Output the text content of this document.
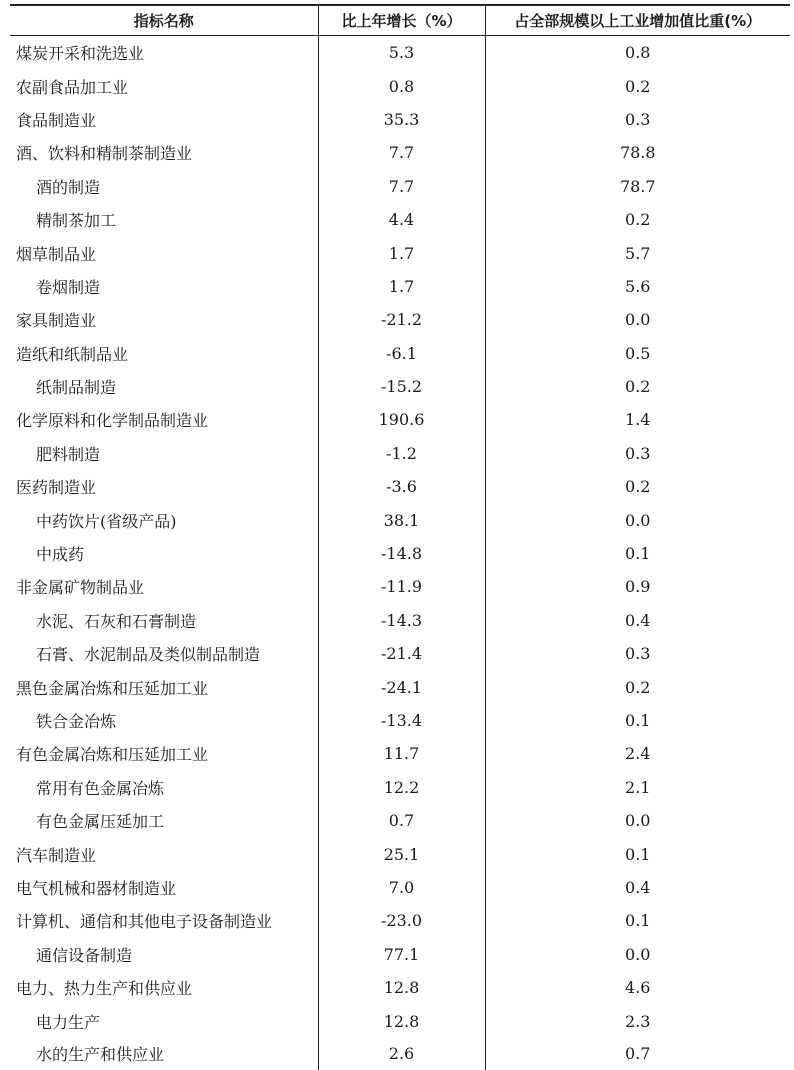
指标名称	比上年增长（%）	占全部规模以上工业增加值比重(%）
煤炭开采和洗选业	5.3	0.8
农副食品加工业	0.8	0.2
食品制造业	35.3	0.3
酒、饮料和精制茶制造业	7.7	78.8
酒的制造	7.7	78.7
精制茶加工	4.4	0.2
烟草制品业	1.7	5.7
卷烟制造	1.7	5.6
家具制造业	-21.2	0.0
造纸和纸制品业	-6.1	0.5
纸制品制造	-15.2	0.2
化学原料和化学制品制造业	190.6	1.4
肥料制造	-1.2	0.3
医药制造业	-3.6	0.2
中药饮片(省级产品)	38.1	0.0
中成药	-14.8	0.1
非金属矿物制品业	-11.9	0.9
水泥、石灰和石膏制造	-14.3	0.4
石膏、水泥制品及类似制品制造	-21.4	0.3
黑色金属冶炼和压延加工业	-24.1	0.2
铁合金冶炼	-13.4	0.1
有色金属冶炼和压延加工业	11.7	2.4
常用有色金属冶炼	12.2	2.1
有色金属压延加工	0.7	0.0
汽车制造业	25.1	0.1
电气机械和器材制造业	7.0	0.4
计算机、通信和其他电子设备制造业	-23.0	0.1
通信设备制造	77.1	0.0
电力、热力生产和供应业	12.8	4.6
电力生产	12.8	2.3
水的生产和供应业	2.6	0.7
